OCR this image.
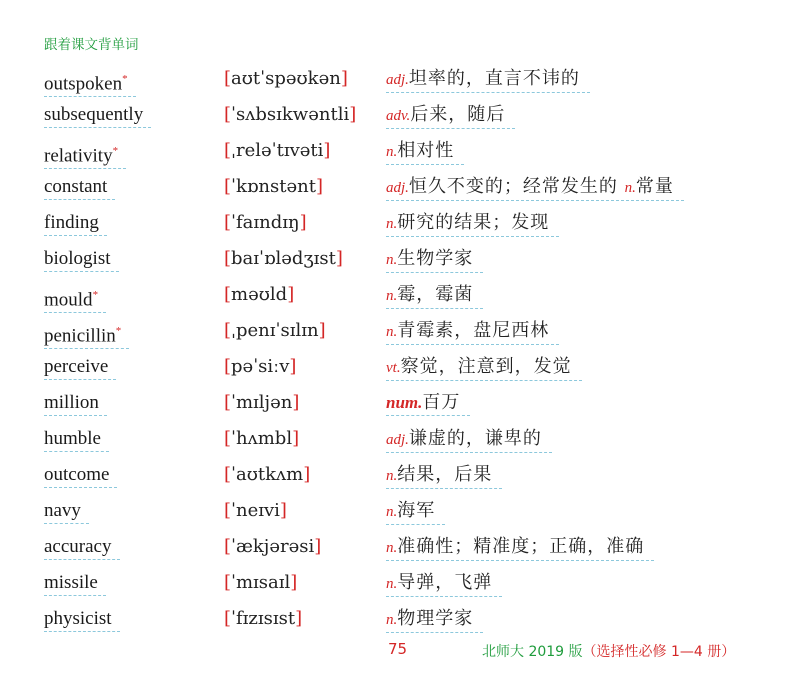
跟着课文背单词
outspoken*	[aʊtˈspəʊkən]	adj.坦率的，直言不讳的
subsequently	[ˈsʌbsɪkwəntli] adv.后来，随后
relativity*	[ˌreləˈtɪvəti]	n.相对性
constant	[ˈkɒnstənt]	adj.恒久不变的；经常发生的 n.常量
finding	[ˈfaɪndɪŋ]	n.研究的结果；发现
biologist	[baɪˈɒlədʒɪst]	n.生物学家
mould*	[məʊld]	n.霉，霉菌
penicillin*	[ˌpenɪˈsɪlɪn]	n.青霉素，盘尼西林
perceive	[pəˈsiːv]	vt.察觉，注意到，发觉
million	[ˈmɪljən]	num.百万
humble	[ˈhʌmbl]	adj.谦虚的，谦卑的
outcome	[ˈaʊtkʌm]	n.结果，后果
navy	[ˈneɪvi]	n.海军
accuracy	[ˈækjərəsi]	n.准确性；精准度；正确，准确
missile	[ˈmɪsaɪl]	n.导弹，飞弹
physicist	[ˈfɪzɪsɪst]	n.物理学家
75	北师大 2019 版（选择性必修 1—4 册）
